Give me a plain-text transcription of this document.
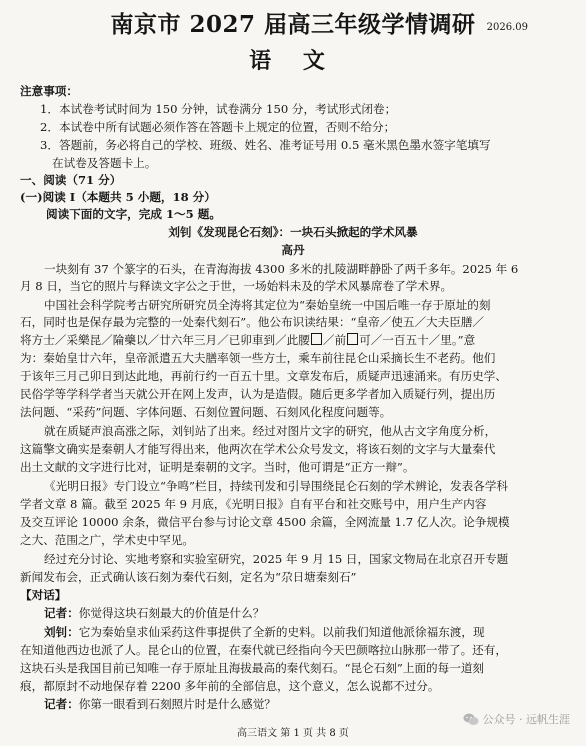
南京市 2027 届高三年级学情调研	2026.09
语 文
注意事项：
1．本试卷考试时间为 150 分钟，试卷满分 150 分，考试形式闭卷；
2．本试卷中所有试题必须作答在答题卡上规定的位置，否则不给分；
3．答题前，务必将自己的学校、班级、姓名、准考证号用 0.5 毫米黑色墨水签字笔填写
在试卷及答题卡上。
一、阅读（71 分）
(一)阅读 I（本题共 5 小题，18 分）
阅读下面的文字，完成 1～5 题。
刘钊《发现昆仑石刻》：一块石头掀起的学术风暴
高丹
一块刻有 37 个篆字的石头，在青海海拔 4300 多米的扎陵湖畔静卧了两千多年。2025 年 6
月 8 日，当它的照片与释读文字公之于世，一场始料未及的学术风暴席卷了学术界。
中国社会科学院考古研究所研究员全涛将其定位为“秦始皇统一中国后唯一存于原址的刻
石，同时也是保存最为完整的一处秦代刻石”。他公布识读结果：“皇帝／使五／大夫臣膳／
将方士／采樂昆／陯藥以／廿六年三月／已卯車到／此腰 ／前 可／一百五十／里。”意
为：秦始皇廿六年，皇帝派遣五大夫膳率领一些方士，乘车前往昆仑山采摘长生不老药。他们
于该年三月己卯日到达此地，再前行约一百五十里。文章发布后，质疑声迅速涌来。有历史学、
民俗学等学科学者当天就公开在网上发声，认为是造假。随后更多学者加入质疑行列，提出历
法问题、“采药”问题、字体问题、石刻位置问题、石刻风化程度问题等。
就在质疑声浪高涨之际，刘钊站了出来。经过对图片文字的研究，他从古文字角度分析，
这篇擎文确实是秦朝人才能写得出来，他两次在学术公众号发文，将该石刻的文字与大量秦代
出土文献的文字进行比对，证明是秦朝的文字。当时，他可谓是“正方一辩”。
《光明日报》专门设立“争鸣”栏目，持续刊发和引导围绕昆仑石刻的学术辨论，发表各学科
学者文章 8 篇。截至 2025 年 9 月底，《光明日报》自有平台和社交账号中，用户生产内容
及交互评论 10000 余条，微信平台参与讨论文章 4500 余篇，全网流量 1.7 亿人次。论争规模
之大、范围之广，学术史中罕见。
经过充分讨论、实地考察和实验室研究，2025 年 9 月 15 日，国家文物局在北京召开专题
新闻发布会，正式确认该石刻为秦代石刻，定名为“尕日塘秦刻石”
【对话】
记者：你觉得这块石刻最大的价值是什么？
刘钊：它为秦始皇求仙采药这件事提供了全新的史料。以前我们知道他派徐福东渡，现
在知道他西边也派了人。昆仑山的位置，在秦代就已经指向今天巴颜喀拉山脉那一带了。还有，
这块石头是我国目前已知唯一存于原址且海拔最高的秦代刻石。“昆仑石刻”上面的每一道刻
痕，都原封不动地保存着 2200 多年前的全部信息，这个意义，怎么说都不过分。
记者：你第一眼看到石刻照片时是什么感觉？
公众号 · 远帆生涯
高三语文 第 1 页 共 8 页
